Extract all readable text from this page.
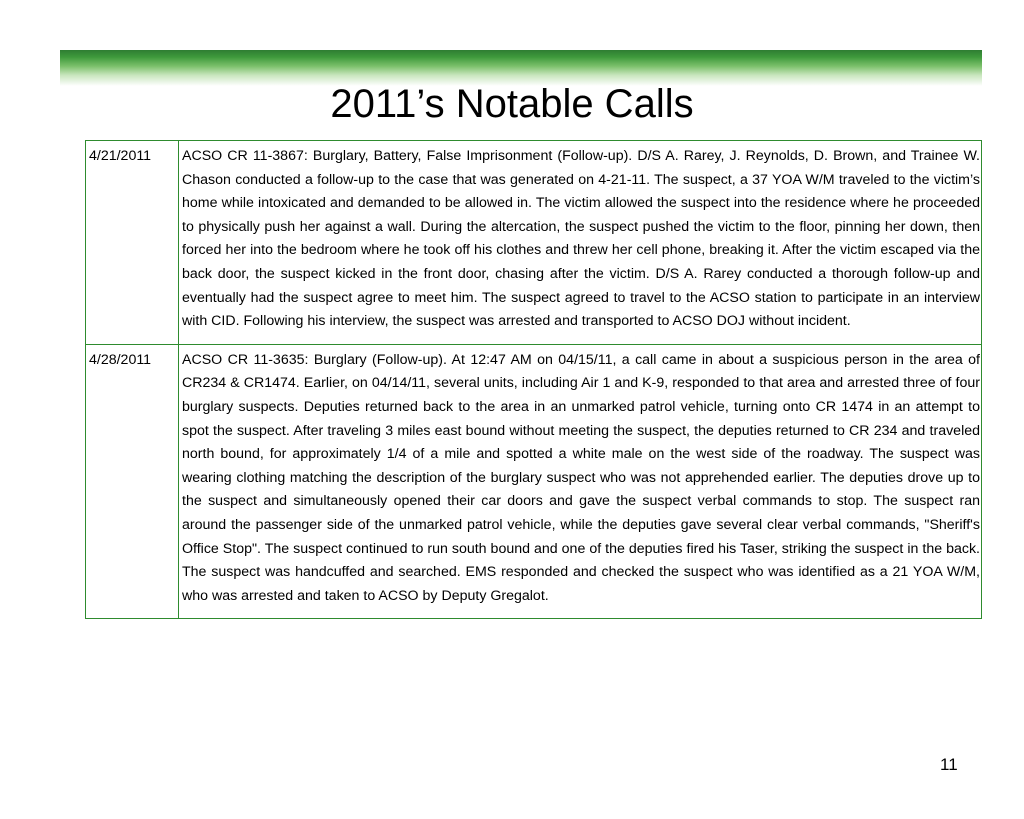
2011’s Notable Calls
4/21/2011	ACSO CR 11-3867: Burglary, Battery, False Imprisonment (Follow-up). D/S A. Rarey, J. Reynolds, D. Brown, and Trainee W. Chason conducted a follow-up to the case that was generated on 4-21-11. The suspect, a 37 YOA W/M traveled to the victim’s home while intoxicated and demanded to be allowed in. The victim allowed the suspect into the residence where he proceeded to physically push her against a wall. During the altercation, the suspect pushed the victim to the floor, pinning her down, then forced her into the bedroom where he took off his clothes and threw her cell phone, breaking it. After the victim escaped via the back door, the suspect kicked in the front door, chasing after the victim. D/S A. Rarey conducted a thorough follow-up and eventually had the suspect agree to meet him. The suspect agreed to travel to the ACSO station to participate in an interview with CID. Following his interview, the suspect was arrested and transported to ACSO DOJ without incident.
4/28/2011	ACSO CR 11-3635: Burglary (Follow-up). At 12:47 AM on 04/15/11, a call came in about a suspicious person in the area of CR234 & CR1474. Earlier, on 04/14/11, several units, including Air 1 and K-9, responded to that area and arrested three of four burglary suspects. Deputies returned back to the area in an unmarked patrol vehicle, turning onto CR 1474 in an attempt to spot the suspect. After traveling 3 miles east bound without meeting the suspect, the deputies returned to CR 234 and traveled north bound, for approximately 1/4 of a mile and spotted a white male on the west side of the roadway. The suspect was wearing clothing matching the description of the burglary suspect who was not apprehended earlier. The deputies drove up to the suspect and simultaneously opened their car doors and gave the suspect verbal commands to stop. The suspect ran around the passenger side of the unmarked patrol vehicle, while the deputies gave several clear verbal commands, "Sheriff's Office Stop". The suspect continued to run south bound and one of the deputies fired his Taser, striking the suspect in the back. The suspect was handcuffed and searched. EMS responded and checked the suspect who was identified as a 21 YOA W/M, who was arrested and taken to ACSO by Deputy Gregalot.
11
